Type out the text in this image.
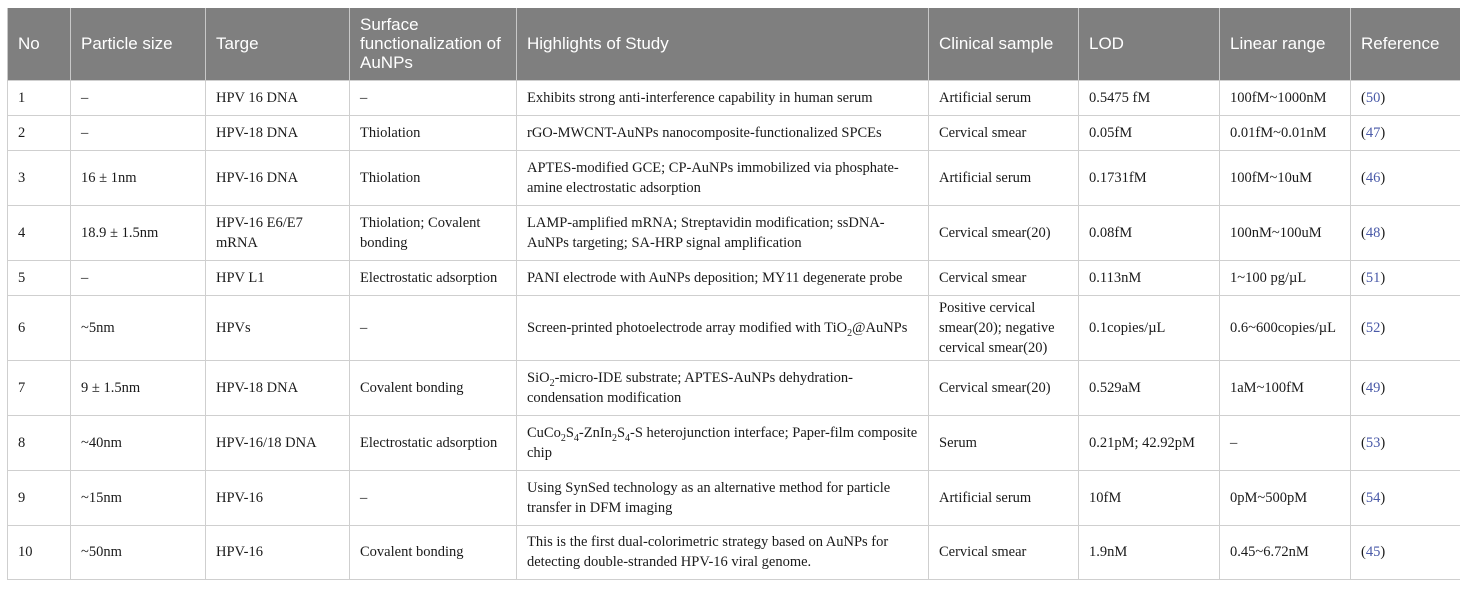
No	Particle size	Targe	Surface functionalization of AuNPs	Highlights of Study	Clinical sample	LOD	Linear range	Reference
1	–	HPV 16 DNA	–	Exhibits strong anti-interference capability in human serum	Artificial serum	0.5475 fM	100fM~1000nM	(50)
2	–	HPV-18 DNA	Thiolation	rGO-MWCNT-AuNPs nanocomposite-functionalized SPCEs	Cervical smear	0.05fM	0.01fM~0.01nM	(47)
3	16 ± 1nm	HPV-16 DNA	Thiolation	APTES-modified GCE; CP-AuNPs immobilized via phosphate-amine electrostatic adsorption	Artificial serum	0.1731fM	100fM~10uM	(46)
4	18.9 ± 1.5nm	HPV-16 E6/E7 mRNA	Thiolation; Covalent bonding	LAMP-amplified mRNA; Streptavidin modification; ssDNA-AuNPs targeting; SA-HRP signal amplification	Cervical smear(20)	0.08fM	100nM~100uM	(48)
5	–	HPV L1	Electrostatic adsorption	PANI electrode with AuNPs deposition; MY11 degenerate probe	Cervical smear	0.113nM	1~100 pg/µL	(51)
6	~5nm	HPVs	–	Screen-printed photoelectrode array modified with TiO$_2$@AuNPs	Positive cervical smear(20); negative cervical smear(20)	0.1copies/µL	0.6~600copies/µL	(52)
7	9 ± 1.5nm	HPV-18 DNA	Covalent bonding	SiO$_2$-micro-IDE substrate; APTES-AuNPs dehydration-condensation modification	Cervical smear(20)	0.529aM	1aM~100fM	(49)
8	~40nm	HPV-16/18 DNA	Electrostatic adsorption	$CuCo_2S_4-ZnIn_2S_4-S$ heterojunction interface; Paper-film composite chip	Serum	0.21pM; 42.92pM	–	(53)
9	~15nm	HPV-16	–	Using SynSed technology as an alternative method for particle transfer in DFM imaging	Artificial serum	10fM	0pM~500pM	(54)
10	~50nm	HPV-16	Covalent bonding	This is the first dual-colorimetric strategy based on AuNPs for detecting double-stranded HPV-16 viral genome.	Cervical smear	1.9nM	0.45~6.72nM	(45)
